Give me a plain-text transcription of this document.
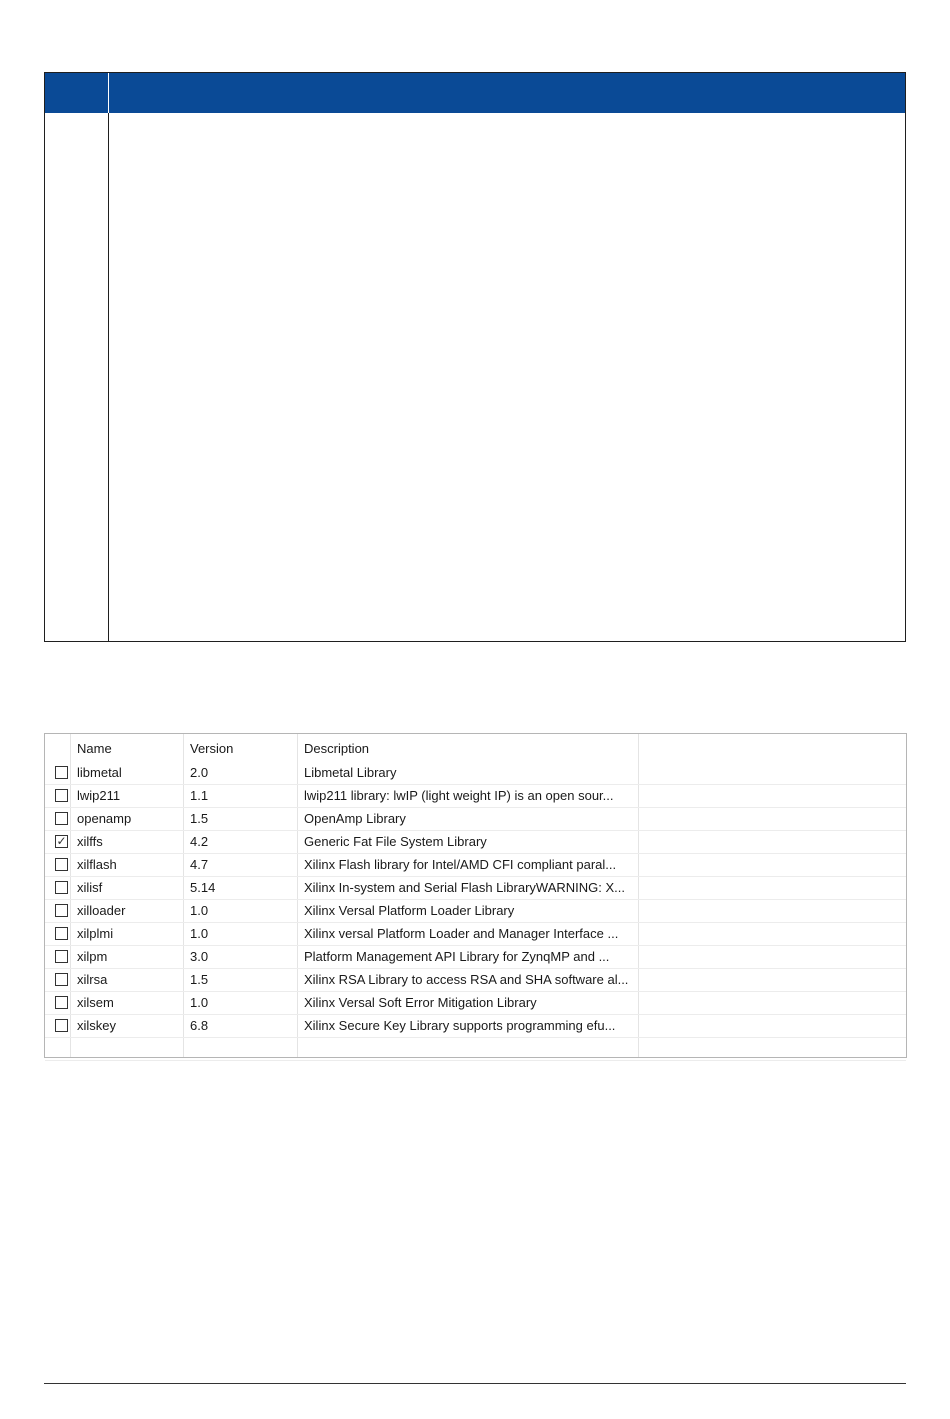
Name	Version	Description
libmetal	2.0	Libmetal Library
lwip211	1.1	lwip211 library: lwIP (light weight IP) is an open sour...
openamp	1.5	OpenAmp Library
✓ xilffs	4.2	Generic Fat File System Library
xilflash	4.7	Xilinx Flash library for Intel/AMD CFI compliant paral...
xilisf	5.14	Xilinx In-system and Serial Flash LibraryWARNING: X...
xilloader	1.0	Xilinx Versal Platform Loader Library
xilplmi	1.0	Xilinx versal Platform Loader and Manager Interface ...
xilpm	3.0	Platform Management API Library for ZynqMP and ...
xilrsa	1.5	Xilinx RSA Library to access RSA and SHA software al...
xilsem	1.0	Xilinx Versal Soft Error Mitigation Library
xilskey	6.8	Xilinx Secure Key Library supports programming efu...
